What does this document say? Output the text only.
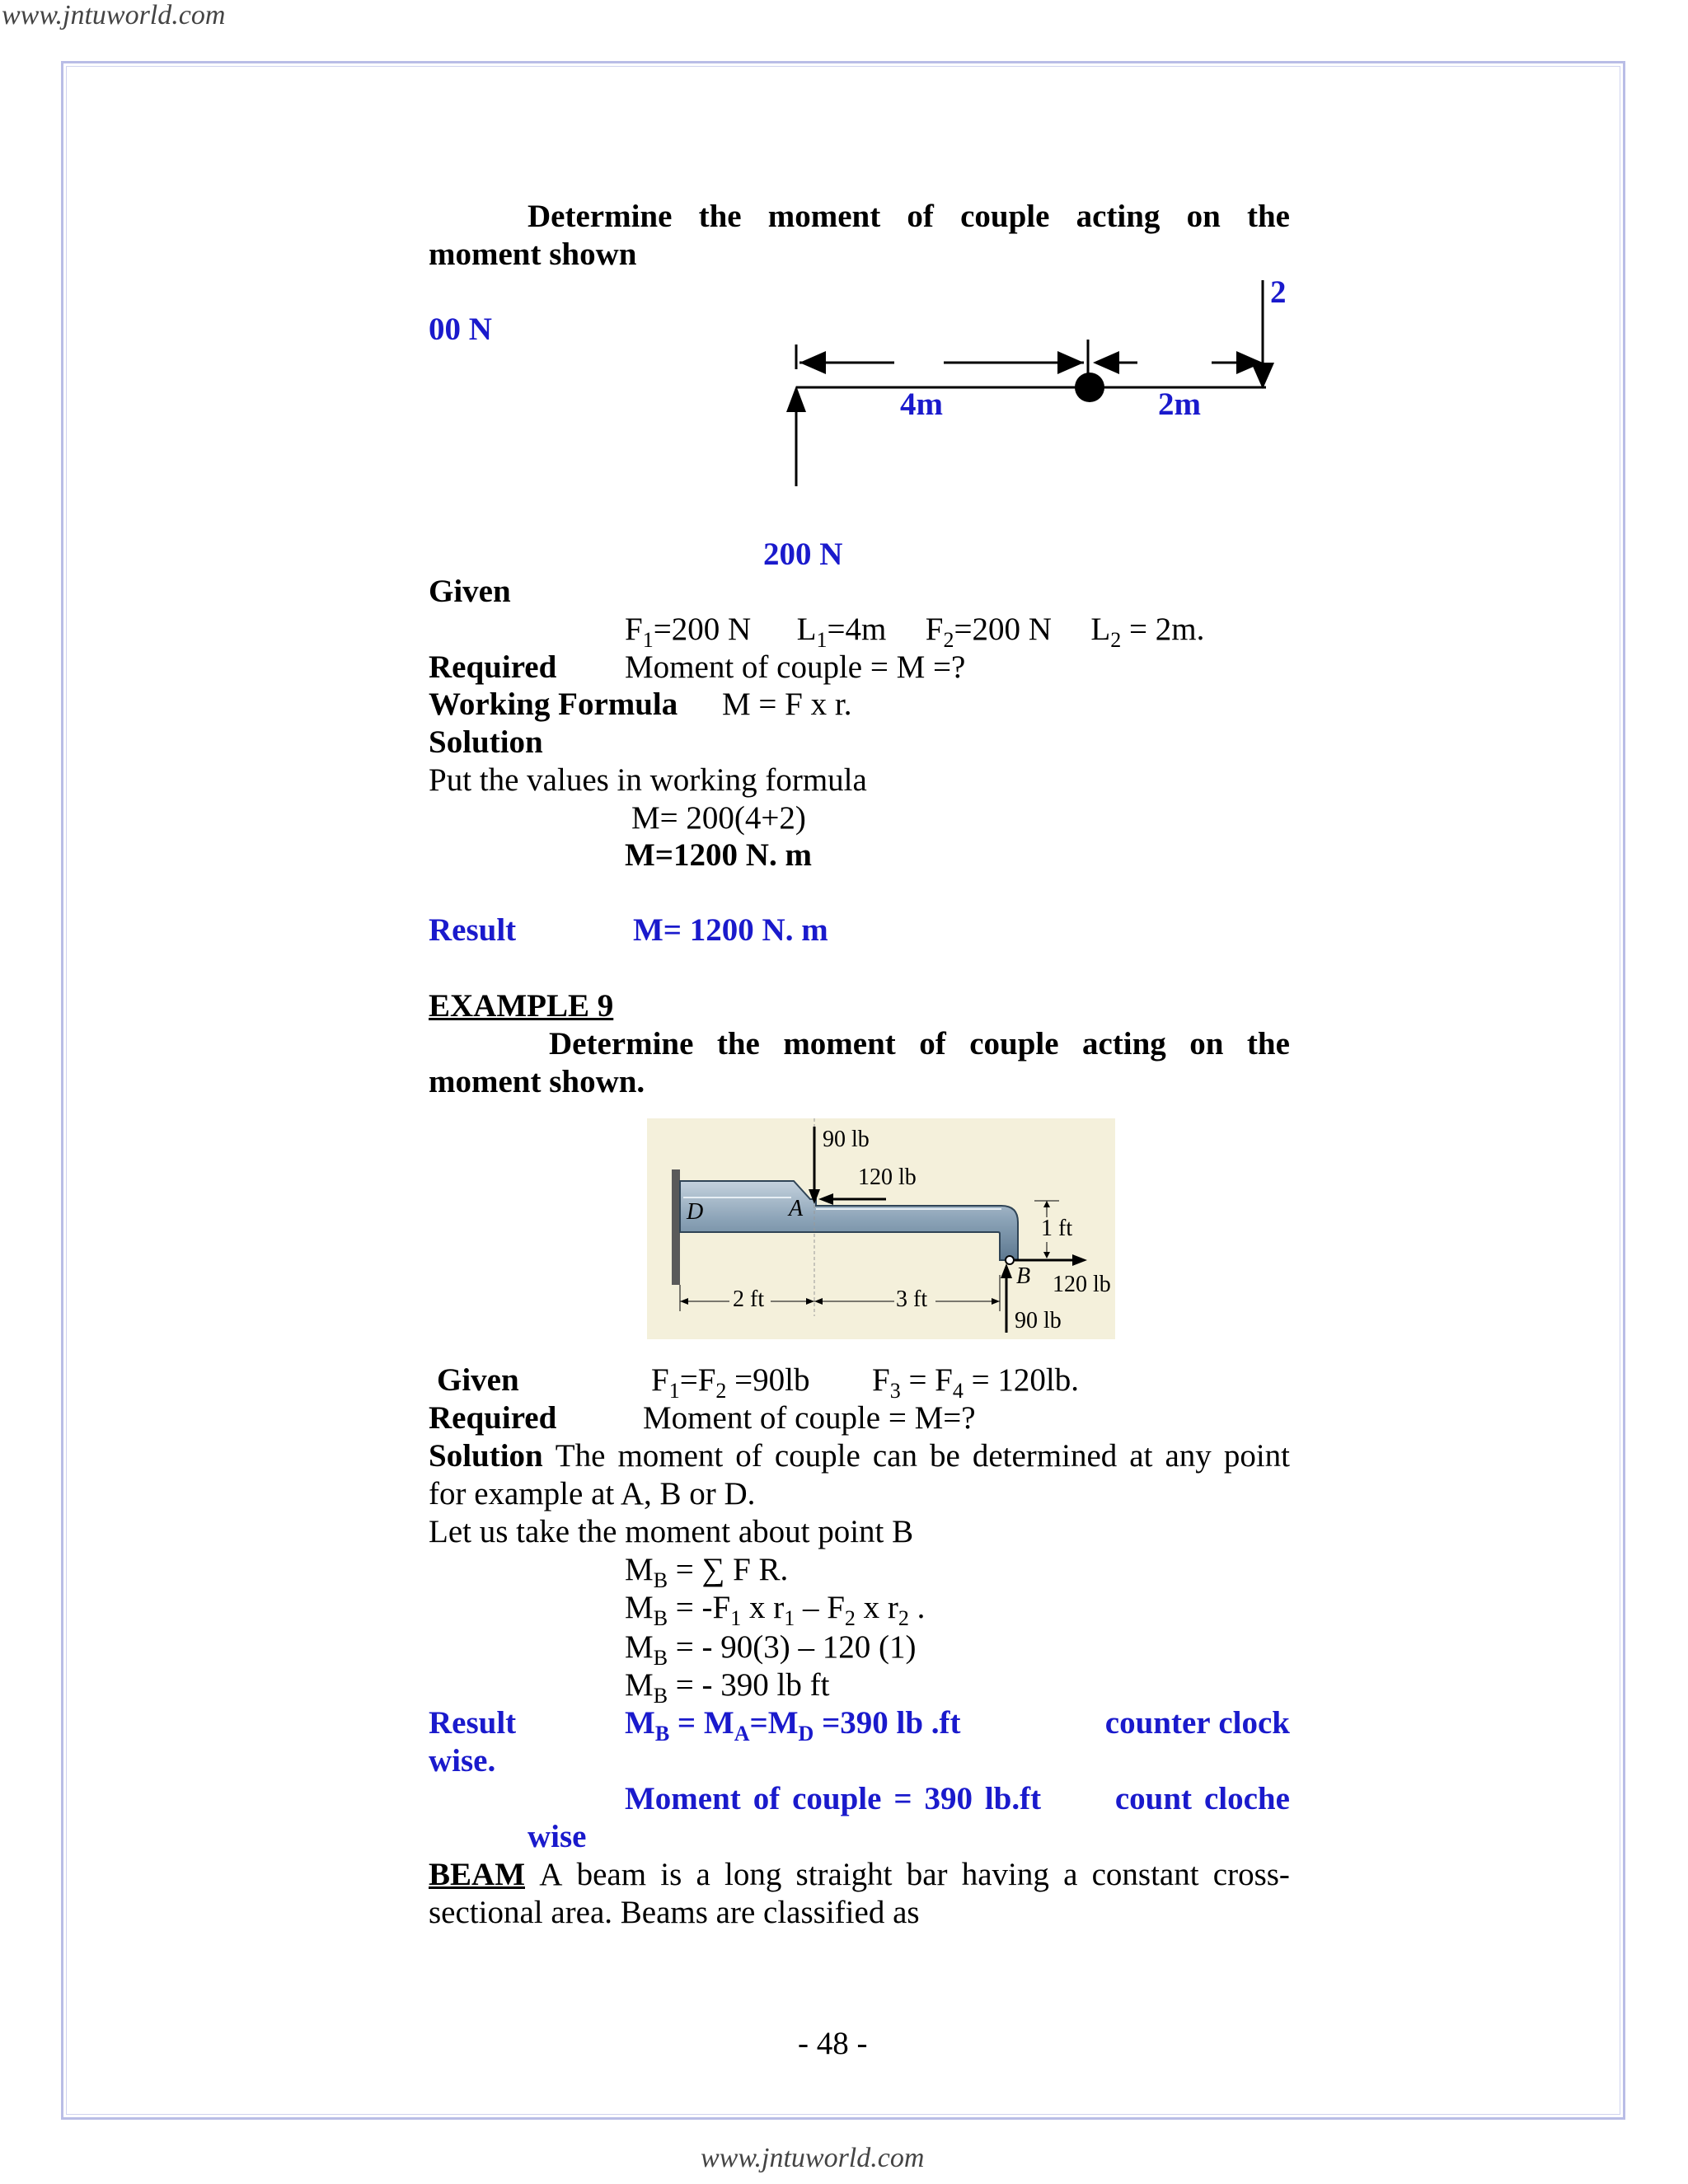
www.jntuworld.com
Determine the moment of couple acting on the
moment shown
00 N
2
4m	2m
200 N
Given
$F_1=200$ N $L_1=4m$ $F_2=200$ N $L_2 = 2m$.
Required Moment of couple = M =?
Working Formula M = F x r.
Solution
Put the values in working formula
M= 200(4+2)
M=1200 N. m
Result	M= 1200 N. m
EXAMPLE 9
Determine the moment of couple acting on the
moment shown.
90 lb
120 lb
D	A
1 ft
B 120 lb
90 lb
2 ft	3 ft
Given	$F_1=F_2 =90lb$ $F_3 = F_4 = 120lb$.
Required	Moment of couple = M=?
Solution The moment of couple can be determined at any point
for example at A, B or D.
Let us take the moment about point B
$M_B$ = ∑ F R.
$M_B = -F_1$ x $r_1 - F_2$ x $r_2$ .
$M_B$ = - 90(3) – 120 (1)
$M_B$ = - 390 lb ft
Result	$M_B = M_A=M_D =390$ lb .ft	counter clock
wise.
Moment of couple = 390 lb.ft count cloche
wise
BEAM A beam is a long straight bar having a constant cross-
sectional area. Beams are classified as
- 48 -
www.jntuworld.com
